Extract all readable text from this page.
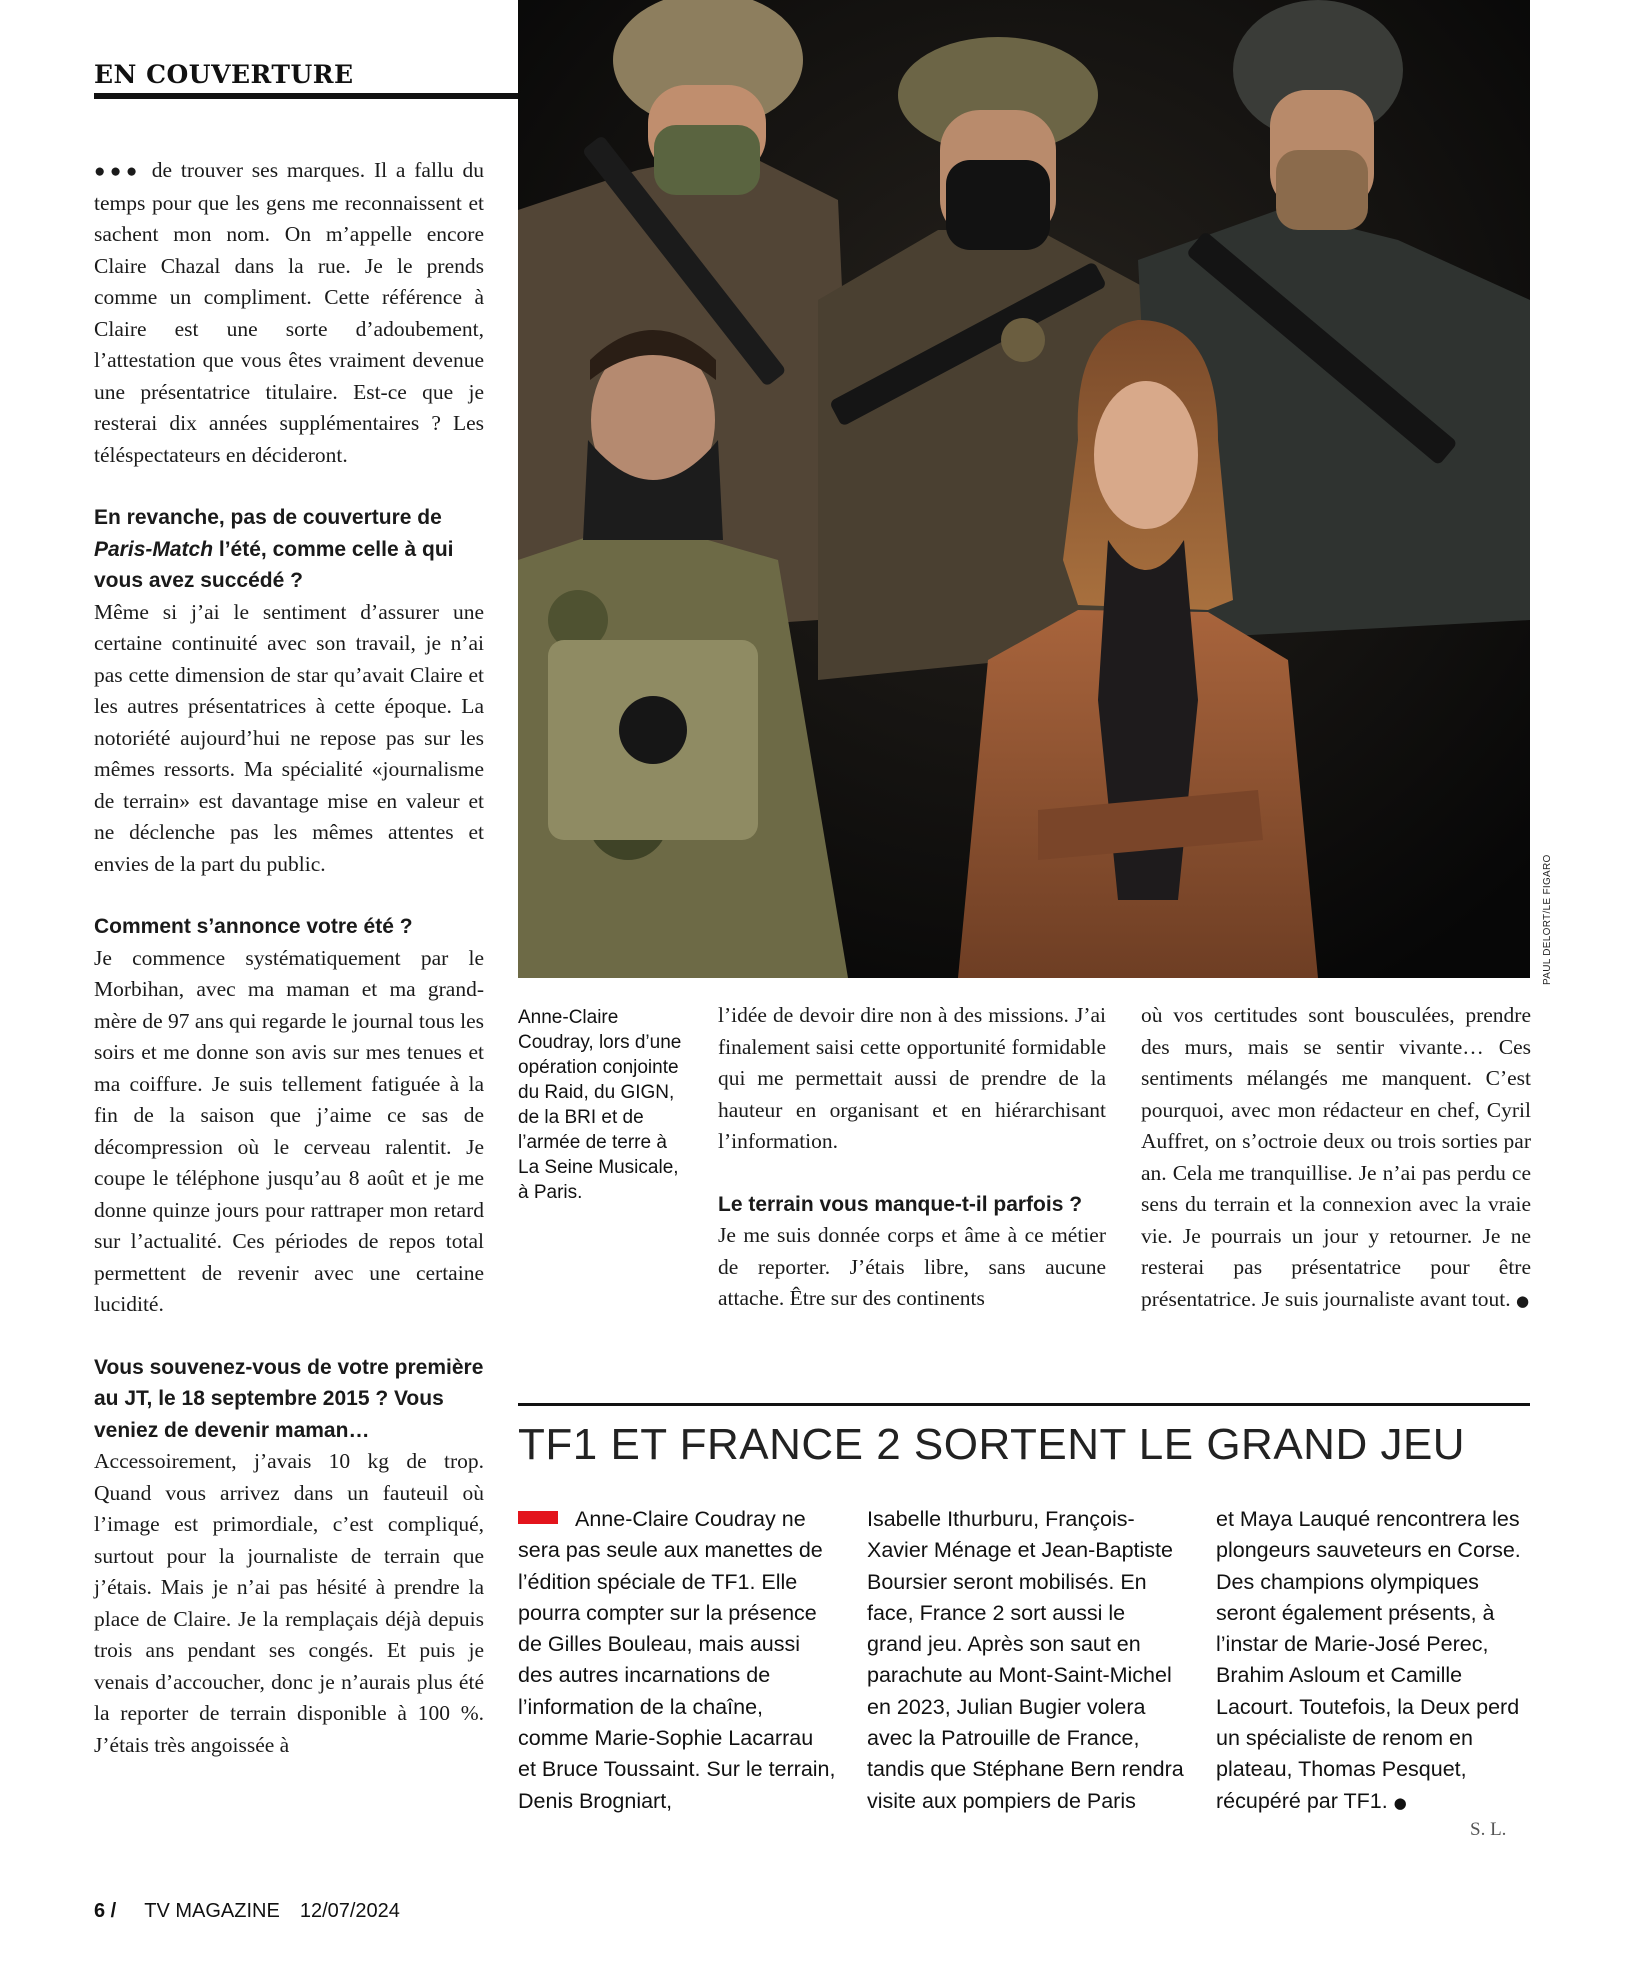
EN COUVERTURE

●●● de trouver ses marques. Il a fallu du temps pour que les gens me reconnaissent et sachent mon nom. On m’appelle encore Claire Chazal dans la rue. Je le prends comme un compliment. Cette référence à Claire est une sorte d’adoubement, l’attestation que vous êtes vraiment devenue une présentatrice titulaire. Est-ce que je resterai dix années supplémentaires ? Les téléspectateurs en décideront.

En revanche, pas de couverture de Paris-Match l’été, comme celle à qui vous avez succédé ?

Même si j’ai le sentiment d’assurer une certaine continuité avec son travail, je n’ai pas cette dimension de star qu’avait Claire et les autres présentatrices à cette époque. La notoriété aujourd’hui ne repose pas sur les mêmes ressorts. Ma spécialité «journalisme de terrain» est davantage mise en valeur et ne déclenche pas les mêmes attentes et envies de la part du public.

Comment s’annonce votre été ?

Je commence systématiquement par le Morbihan, avec ma maman et ma grand-mère de 97 ans qui regarde le journal tous les soirs et me donne son avis sur mes tenues et ma coiffure. Je suis tellement fatiguée à la fin de la saison que j’aime ce sas de décompression où le cerveau ralentit. Je coupe le téléphone jusqu’au 8 août et je me donne quinze jours pour rattraper mon retard sur l’actualité. Ces périodes de repos total permettent de revenir avec une certaine lucidité.

Vous souvenez-vous de votre première au JT, le 18 septembre 2015 ? Vous veniez de devenir maman…

Accessoirement, j’avais 10 kg de trop. Quand vous arrivez dans un fauteuil où l’image est primordiale, c’est compliqué, surtout pour la journaliste de terrain que j’étais. Mais je n’ai pas hésité à prendre la place de Claire. Je la remplaçais déjà depuis trois ans pendant ses congés. Et puis je venais d’accoucher, donc je n’aurais plus été la reporter de terrain disponible à 100 %. J’étais très angoissée à

PAUL DELORT/LE FIGARO
Anne-Claire Coudray, lors d’une opération conjointe du Raid, du GIGN, de la BRI et de l’armée de terre à La Seine Musicale, à Paris.

l’idée de devoir dire non à des missions. J’ai finalement saisi cette opportunité formidable qui me permettait aussi de prendre de la hauteur en organisant et en hiérarchisant l’information.

Le terrain vous manque-t-il parfois ?

Je me suis donnée corps et âme à ce métier de reporter. J’étais libre, sans aucune attache. Être sur des continents

où vos certitudes sont bousculées, prendre des murs, mais se sentir vivante… Ces sentiments mélangés me manquent. C’est pourquoi, avec mon rédacteur en chef, Cyril Auffret, on s’octroie deux ou trois sorties par an. Cela me tranquillise. Je n’ai pas perdu ce sens du terrain et la connexion avec la vraie vie. Je pourrais un jour y retourner. Je ne resterai pas présentatrice pour être présentatrice. Je suis journaliste avant tout. ●

TF1 ET FRANCE 2 SORTENT LE GRAND JEU

Anne-Claire Coudray ne sera pas seule aux manettes de l’édition spéciale de TF1. Elle pourra compter sur la présence de Gilles Bouleau, mais aussi des autres incarnations de l’information de la chaîne, comme Marie-Sophie Lacarrau et Bruce Toussaint. Sur le terrain, Denis Brogniart,

Isabelle Ithurburu, François-Xavier Ménage et Jean-Baptiste Boursier seront mobilisés. En face, France 2 sort aussi le grand jeu. Après son saut en parachute au Mont-Saint-Michel en 2023, Julian Bugier volera avec la Patrouille de France, tandis que Stéphane Bern rendra visite aux pompiers de Paris

et Maya Lauqué rencontrera les plongeurs sauveteurs en Corse. Des champions olympiques seront également présents, à l’instar de Marie-José Perec, Brahim Asloum et Camille Lacourt. Toutefois, la Deux perd un spécialiste de renom en plateau, Thomas Pesquet, récupéré par TF1. ●

S. L.
6 / TV MAGAZINE 12/07/2024
